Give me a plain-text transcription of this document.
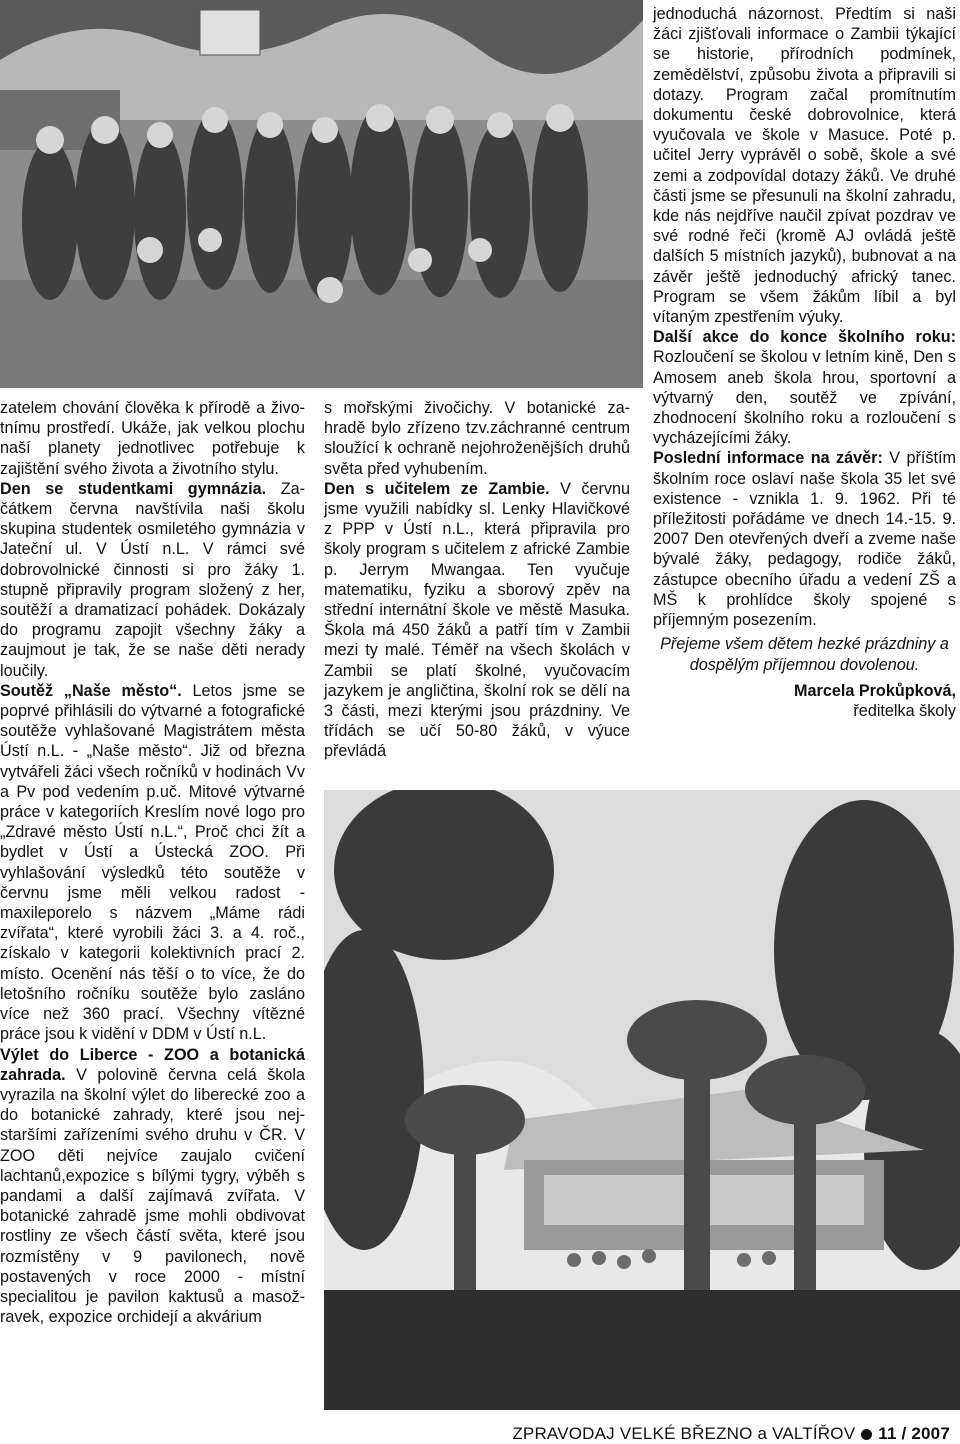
zatelem chování člověka k přírodě a životnímu prostředí. Ukáže, jak velkou plochu naší planety jednotlivec potřebuje k zajištění svého života a životního stylu.

Den se studentkami gymnázia. Začátkem června navštívila naši školu skupina studentek osmiletého gymnázia v Jateční ul. V Ústí n.L. V rámci své dobrovolnické činnosti si pro žáky 1. stupně připravily program složený z her, soutěží a dramatizací pohádek. Dokázaly do programu zapojit všechny žáky a zaujmout je tak, že se naše děti nerady loučily.

Soutěž „Naše město“. Letos jsme se poprvé přihlásili do výtvarné a fotografické soutěže vyhlašované Magistrátem města Ústí n.L. - „Naše město“. Již od března vytvářeli žáci všech ročníků v hodinách Vv a Pv pod vedením p.uč. Mitové výtvarné práce v kategoriích Kreslím nové logo pro „Zdravé město Ústí n.L.“, Proč chci žít a bydlet v Ústí a Ústecká ZOO. Při vyhlašování výsledků této soutěže v červnu jsme měli velkou radost -maxileporelo s názvem „Máme rádi zvířata“, které vyrobili žáci 3. a 4. roč., získalo v kategorii kolektivních prací 2. místo. Ocenění nás těší o to více, že do letošního ročníku soutěže bylo zasláno více než 360 prací. Všechny vítězné práce jsou k vidění v DDM v Ústí n.L.

Výlet do Liberce - ZOO a botanická zahrada. V polovině června celá škola vyrazila na školní výlet do liberecké zoo a do botanické zahrady, které jsou nejstaršími zařízeními svého druhu v ČR. V ZOO děti nejvíce zaujalo cvičení lachtanů,expozice s bílými tygry, výběh s pandami a další zajímavá zvířata. V botanické zahradě jsme mohli obdivovat rostliny ze všech částí světa, které jsou rozmístěny v 9 pavilonech, nově postavených v roce 2000 - místní specialitou je pavilon kaktusů a masožravek, expozice orchidejí a akvárium

s mořskými živočichy. V botanické zahradě bylo zřízeno tzv.záchranné centrum sloužící k ochraně nejohroženějších druhů světa před vyhubením.

Den s učitelem ze Zambie. V červnu jsme využili nabídky sl. Lenky Hlavičkové z PPP v Ústí n.L., která připravila pro školy program s učitelem z africké Zambie p. Jerrym Mwangaa. Ten vyučuje matematiku, fyziku a sborový zpěv na střední internátní škole ve městě Masuka. Škola má 450 žáků a patří tím v Zambii mezi ty malé. Téměř na všech školách v Zambii se platí školné, vyučovacím jazykem je angličtina, školní rok se dělí na 3 části, mezi kterými jsou prázdniny. Ve třídách se učí 50-80 žáků, v výuce převládá

jednoduchá názornost. Předtím si naši žáci zjišťovali informace o Zambii týkající se historie, přírodních podmínek, zemědělství, způsobu života a připravili si dotazy. Program začal promítnutím dokumentu české dobrovolnice, která vyučovala ve škole v Masuce. Poté p. učitel Jerry vyprávěl o sobě, škole a své zemi a zodpovídal dotazy žáků. Ve druhé části jsme se přesunuli na školní zahradu, kde nás nejdříve naučil zpívat pozdrav ve své rodné řeči (kromě AJ ovládá ještě dalších 5 místních jazyků), bubnovat a na závěr ještě jednoduchý africký tanec. Program se všem žákům líbil a byl vítaným zpestřením výuky.

Další akce do konce školního roku: Rozloučení se školou v letním kině, Den s Amosem aneb škola hrou, sportovní a výtvarný den, soutěž ve zpívání, zhodnocení školního roku a rozloučení s vycházejícími žáky.

Poslední informace na závěr: V příštím školním roce oslaví naše škola 35 let své existence - vznikla 1. 9. 1962. Při té příležitosti pořádáme ve dnech 14.-15. 9. 2007 Den otevřených dveří a zveme naše bývalé žáky, pedagogy, rodiče žáků, zástupce obecního úřadu a vedení ZŠ a MŠ k prohlídce školy spojené s příjemným posezením.

Přejeme všem dětem hezké prázdniny a dospělým příjemnou dovolenou.

Marcela Prokůpková,

ředitelka školy

ZPRAVODAJ VELKÉ BŘEZNO a VALTÍŘOV 11 / 2007
